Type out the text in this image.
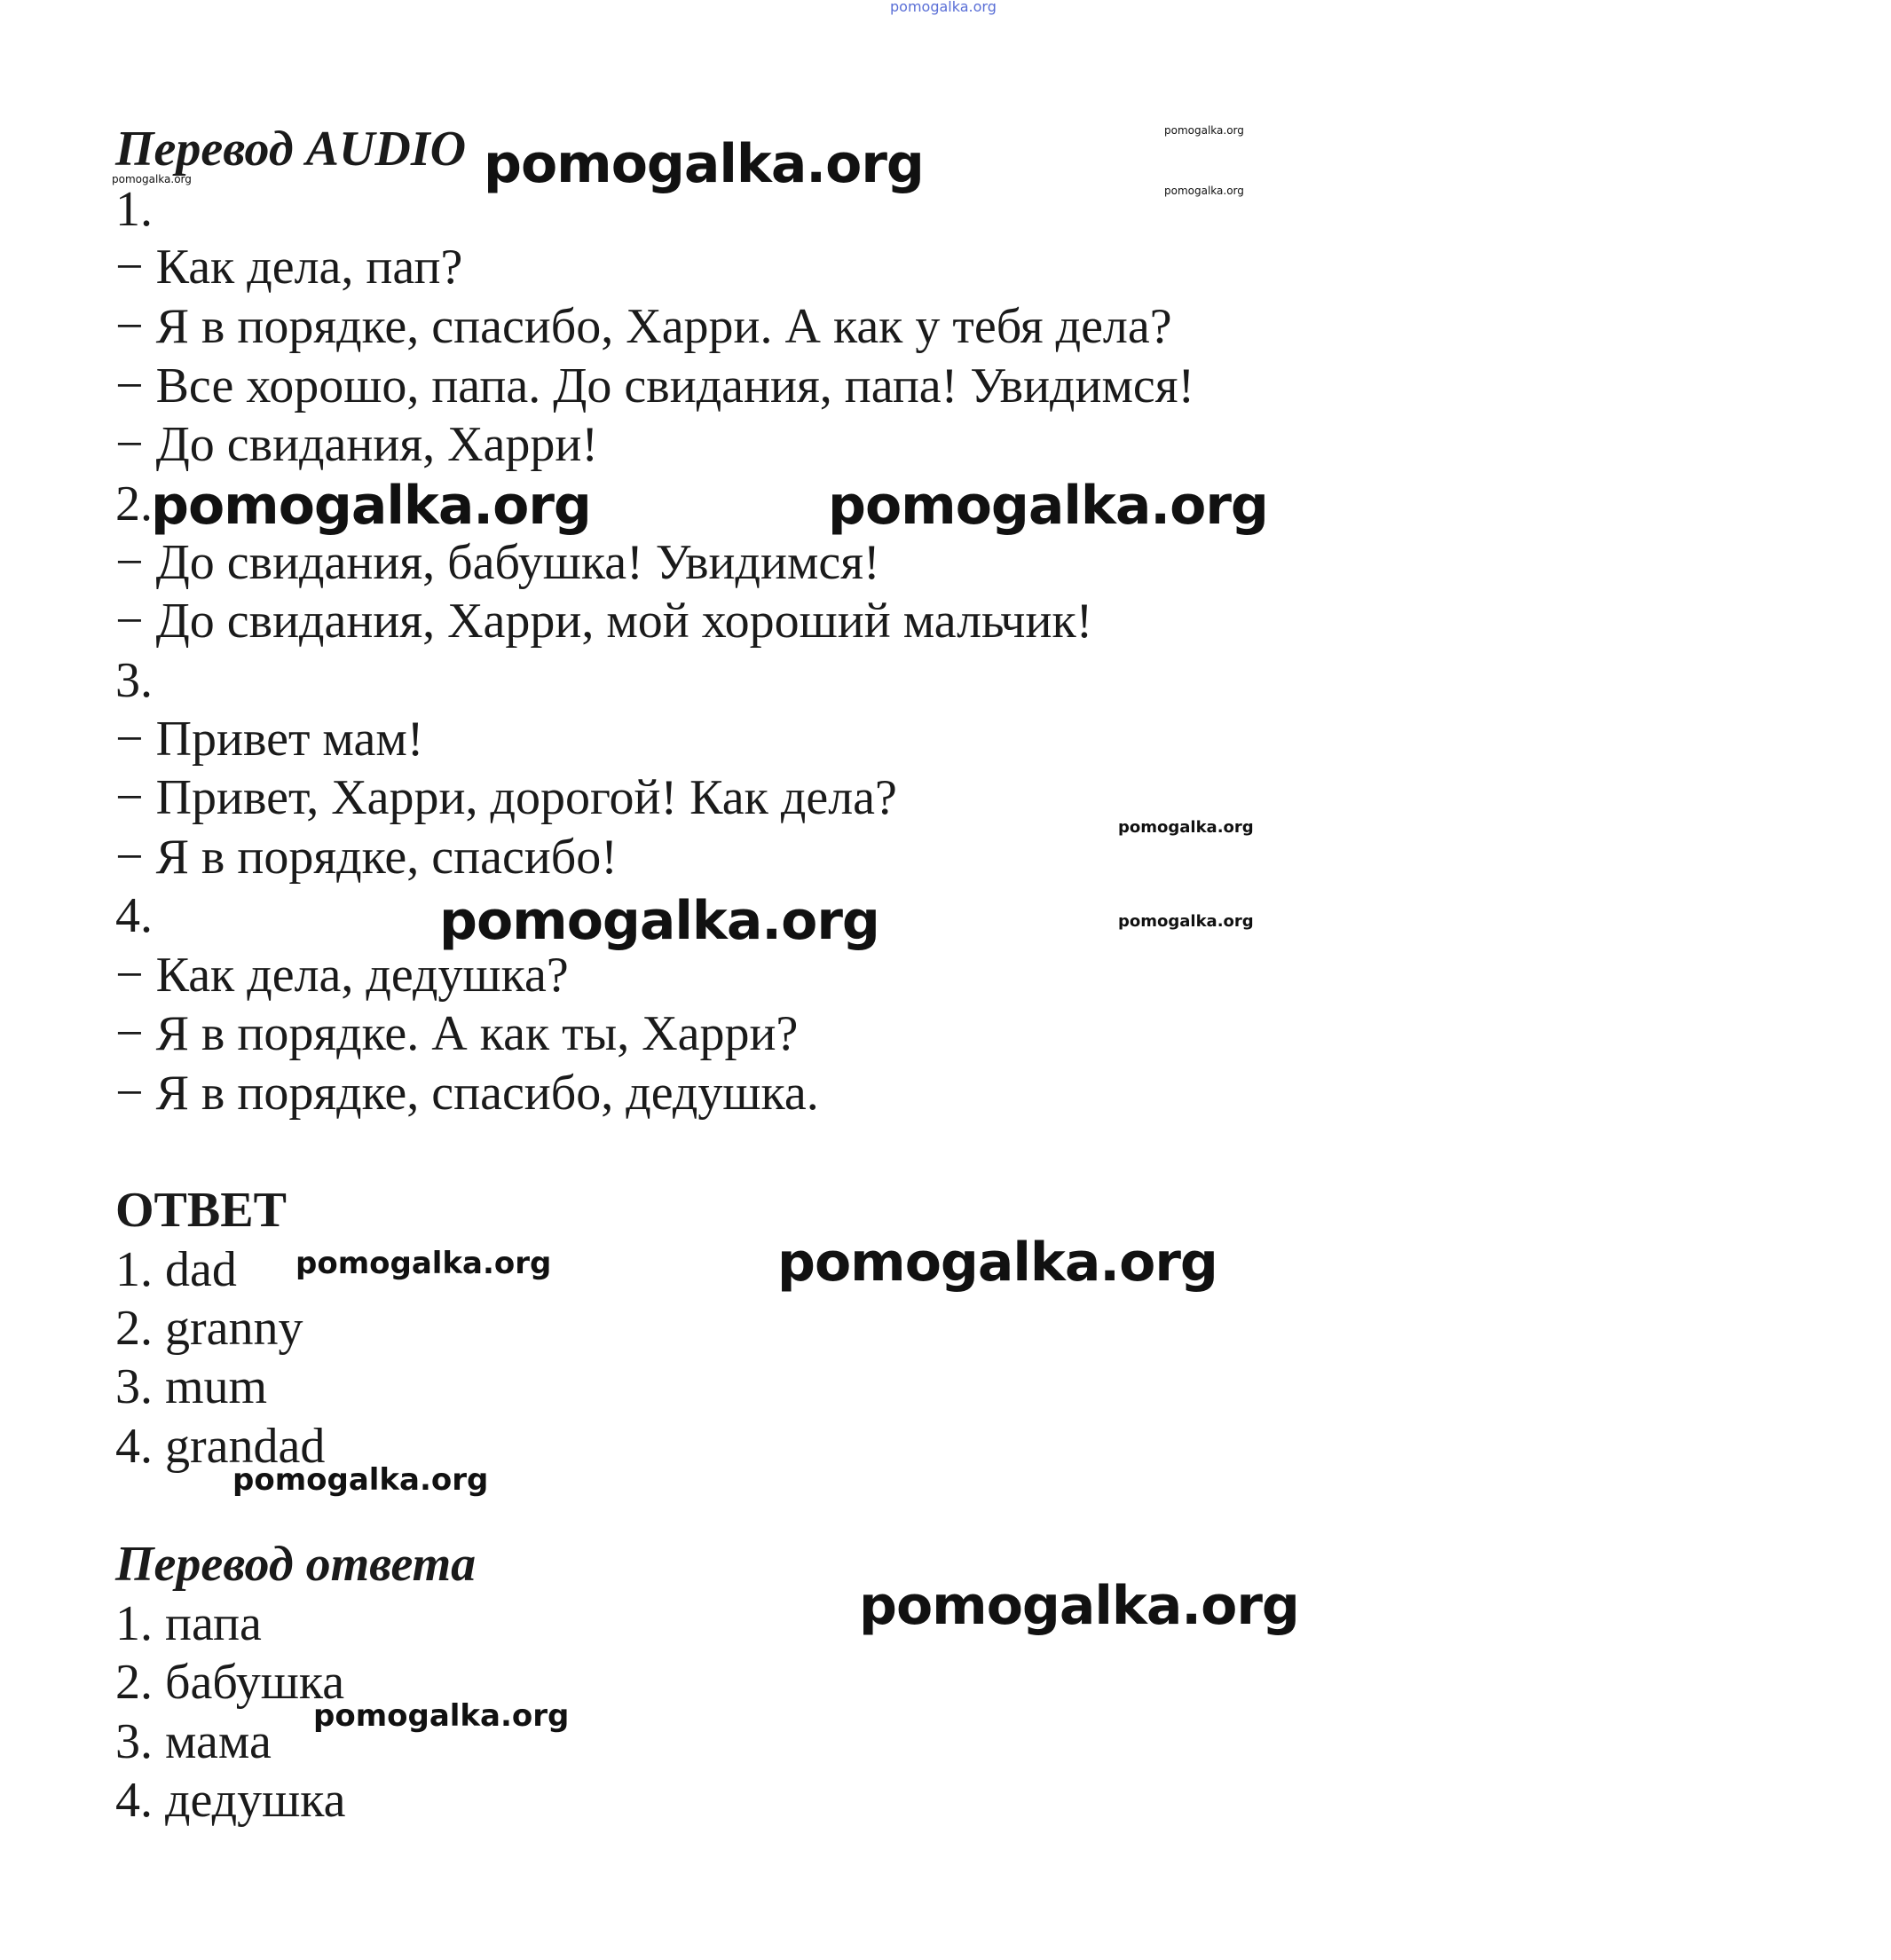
pomogalka.org
Перевод AUDIO
1.
− Как дела, пап?
− Я в порядке, спасибо, Харри. А как у тебя дела?
− Все хорошо, папа. До свидания, папа! Увидимся!
− До свидания, Харри!
2.
− До свидания, бабушка! Увидимся!
− До свидания, Харри, мой хороший мальчик!
3.
− Привет мам!
− Привет, Харри, дорогой! Как дела?
− Я в порядке, спасибо!
4.
− Как дела, дедушка?
− Я в порядке. А как ты, Харри?
− Я в порядке, спасибо, дедушка.
ОТВЕТ
1. dad
2. granny
3. mum
4. grandad
Перевод ответа
1. папа
2. бабушка
3. мама
4. дедушка
pomogalka.org
pomogalka.org
pomogalka.org
pomogalka.org
pomogalka.org	pomogalka.org
pomogalka.org
pomogalka.org	pomogalka.org
pomogalka.org	pomogalka.org
pomogalka.org
pomogalka.org
pomogalka.org
